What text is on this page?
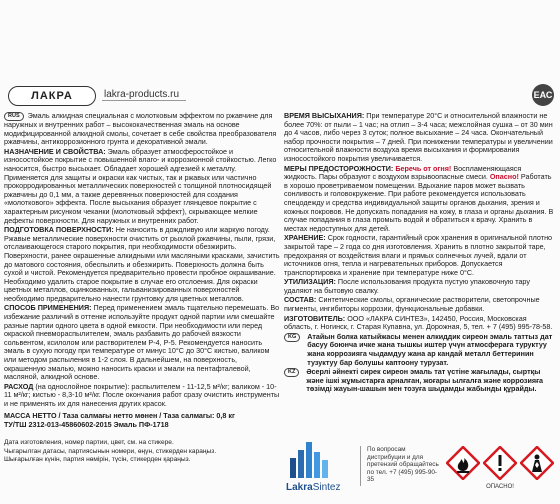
ЛАКРА	lakra-products.ru	ЕАС

RUS Эмаль алкидная специальная с молотковым эффектом по ржавчине для наружных и внутренних работ – высококачественная эмаль на основе модифицированной алкидной смолы, сочетает в себе свойства преобразователя ржавчины, антикоррозионного грунта и декоративной эмали.

НАЗНАЧЕНИЕ И СВОЙСТВА: Эмаль образует атмосферостойкое и износостойкое покрытие с повышенной влаго- и коррозионной стойкостью. Легко наносится, быстро высыхает. Обладает хорошей адгезией к металлу. Применяется для защиты и окраски как чистых, так и ржавых или частично прокорродированных металлических поверхностей с толщиной плотносидящей ржавчины до 0,1 мм, а также деревянных поверхностей для создания «молоткового» эффекта. После высыхания образует глянцевое покрытие с характерным рисунком чеканки (молотковый эффект), скрывающее мелкие дефекты поверхности. Для наружных и внутренних работ.

ПОДГОТОВКА ПОВЕРХНОСТИ: Не наносить в дождливую или жаркую погоду. Ржавые металлические поверхности очистить от рыхлой ржавчины, пыли, грязи, отслаивающегося старого покрытия, при необходимости обезжирить. Поверхности, ранее окрашенные алкидными или масляными красками, зачистить до матового состояния, обеспылить и обезжирить. Поверхность должна быть сухой и чистой. Рекомендуется предварительно провести пробное окрашивание. Необходимо удалить старое покрытие в случае его отслоения. Для окраски цветных металлов, оцинкованных, гальванизированных поверхностей необходимо предварительно нанести грунтовку для цветных металлов.

СПОСОБ ПРИМЕНЕНИЯ: Перед применением эмаль тщательно перемешать. Во избежание различий в оттенке используйте продукт одной партии или смешайте разные партии одного цвета в одной емкости. При необходимости или перед окраской пневмораспылителем, эмаль разбавить до рабочей вязкости сольвентом, ксилолом или растворителем Р-4, Р-5. Рекомендуется наносить эмаль в сухую погоду при температуре от минус 10°С до 30°С кистью, валиком или методом распыления в 1-2 слоя. В дальнейшем, на поверхность, окрашенную эмалью, можно наносить краски и эмали на пентафталевой, масляной, алкидной основе.

РАСХОД (на однослойное покрытие): распылителем - 11-12,5 м²/кг; валиком - 10-11 м²/кг; кистью - 8,3-10 м²/кг. После окончания работ сразу очистить инструменты и не применять их для нанесения других красок.

МАССА НЕТТО / Таза салмағы нетто мөнен / Таза салмагы: 0,8 кг

ТУ/ТШ 2312-013-45860602-2015 Эмаль ПФ-1718

Дата изготовления, номер партии, цвет, см. на стикере.

Чыгарылган датасы, партиясынын номери, өңүн, стикерден караңыз.

Шығарылған күнін, партия нөмірін, түсін, стикерден қараңыз.

ВРЕМЯ ВЫСЫХАНИЯ: При температуре 20°С и относительной влажности не более 70%: от пыли – 1 час; на отлип – 3-4 часа; межслойная сушка – от 30 мин до 4 часов, либо через 3 суток; полное высыхание – 24 часа. Окончательный набор прочности покрытия – 7 дней. При понижении температуры и увеличении относительной влажности воздуха время высыхания и формирования износостойкого покрытия увеличивается.

МЕРЫ ПРЕДОСТОРОЖНОСТИ: Беречь от огня! Воспламеняющаяся жидкость. Пары образуют с воздухом взрывоопасные смеси. Опасно! Работать в хорошо проветриваемом помещении. Вдыхание паров может вызвать сонливость и головокружение. При работе рекомендуется использовать спецодежду и средства индивидуальной защиты органов дыхания, зрения и кожных покровов. Не допускать попадания на кожу, в глаза и органы дыхания. В случае попадания в глаза промыть водой и обратиться к врачу. Хранить в местах недоступных для детей.

ХРАНЕНИЕ: Срок годности, гарантийный срок хранения в оригинальной плотно закрытой таре – 2 года со дня изготовления. Хранить в плотно закрытой таре, предохраняя от воздействия влаги и прямых солнечных лучей, вдали от источников огня, тепла и нагревательных приборов. Допускается транспортировка и хранение при температуре ниже 0°С.

УТИЛИЗАЦИЯ: После использования продукта пустую упаковочную тару удаляют на бытовую свалку.

СОСТАВ: Синтетические смолы, органические растворители, светопрочные пигменты, ингибиторы коррозии, функциональные добавки.

ИЗГОТОВИТЕЛЬ: ООО «ЛАКРА СИНТЕЗ», 142450, Россия, Московская область, г. Ногинск, г. Старая Купавна, ул. Дорожная, 5, тел. + 7 (495) 995-78-58.

KG	Атайын болка катыйжасы менен алкиддик сиреон эмаль таттыз дат басуу боюнча ичке жана тышкы иштер үчүн атмосферага туруктуу жана коррозияга чыдамдуу жана ар кандай металл беттеринин тузуктуу бар болушы каптоону турузат.
KZ	Әсерлі әйнекті сирек сиреон эмаль тат үстіне жағылады, сыртқы және ішкі жұмыстарға арналған, жоғары ылғалға және коррозияға төзімді жауын-шашын мен тозуға шыдамды жабынды құрайды.
LakraSintez
По вопросам дистрибуции и для претензий обращайтесь по тел. +7 (495) 995-90-35
ОПАСНО!
